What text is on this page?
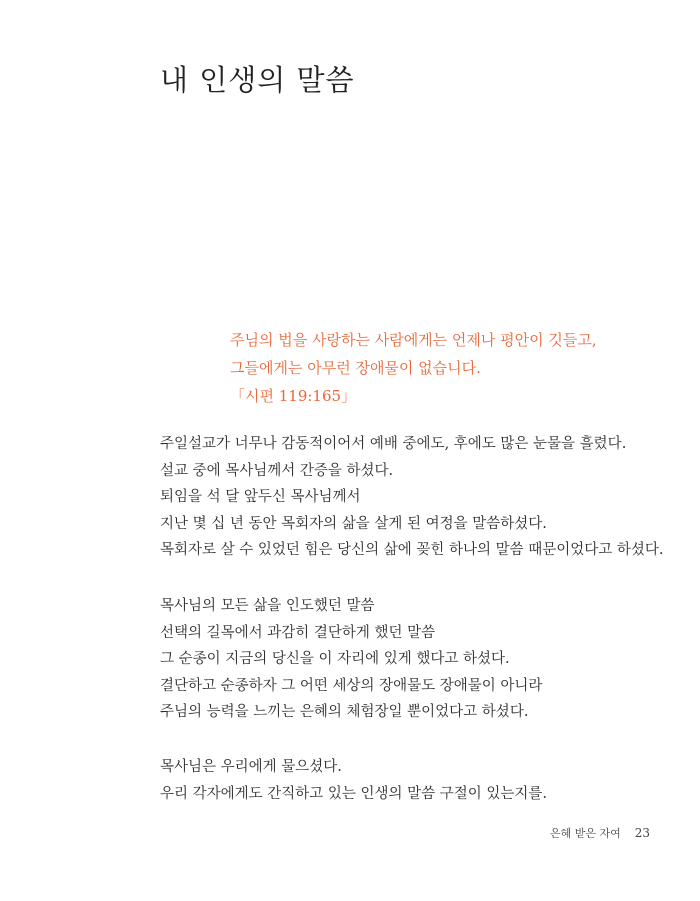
내 인생의 말씀
주님의 법을 사랑하는 사람에게는 언제나 평안이 깃들고,
그들에게는 아무런 장애물이 없습니다.
「시편 119:165」
주일설교가 너무나 감동적이어서 예배 중에도, 후에도 많은 눈물을 흘렸다.
설교 중에 목사님께서 간증을 하셨다.
퇴임을 석 달 앞두신 목사님께서
지난 몇 십 년 동안 목회자의 삶을 살게 된 여정을 말씀하셨다.
목회자로 살 수 있었던 힘은 당신의 삶에 꽂힌 하나의 말씀 때문이었다고 하셨다.
목사님의 모든 삶을 인도했던 말씀
선택의 길목에서 과감히 결단하게 했던 말씀
그 순종이 지금의 당신을 이 자리에 있게 했다고 하셨다.
결단하고 순종하자 그 어떤 세상의 장애물도 장애물이 아니라
주님의 능력을 느끼는 은혜의 체험장일 뿐이었다고 하셨다.
목사님은 우리에게 물으셨다.
우리 각자에게도 간직하고 있는 인생의 말씀 구절이 있는지를.
은혜 받은 자여 23
